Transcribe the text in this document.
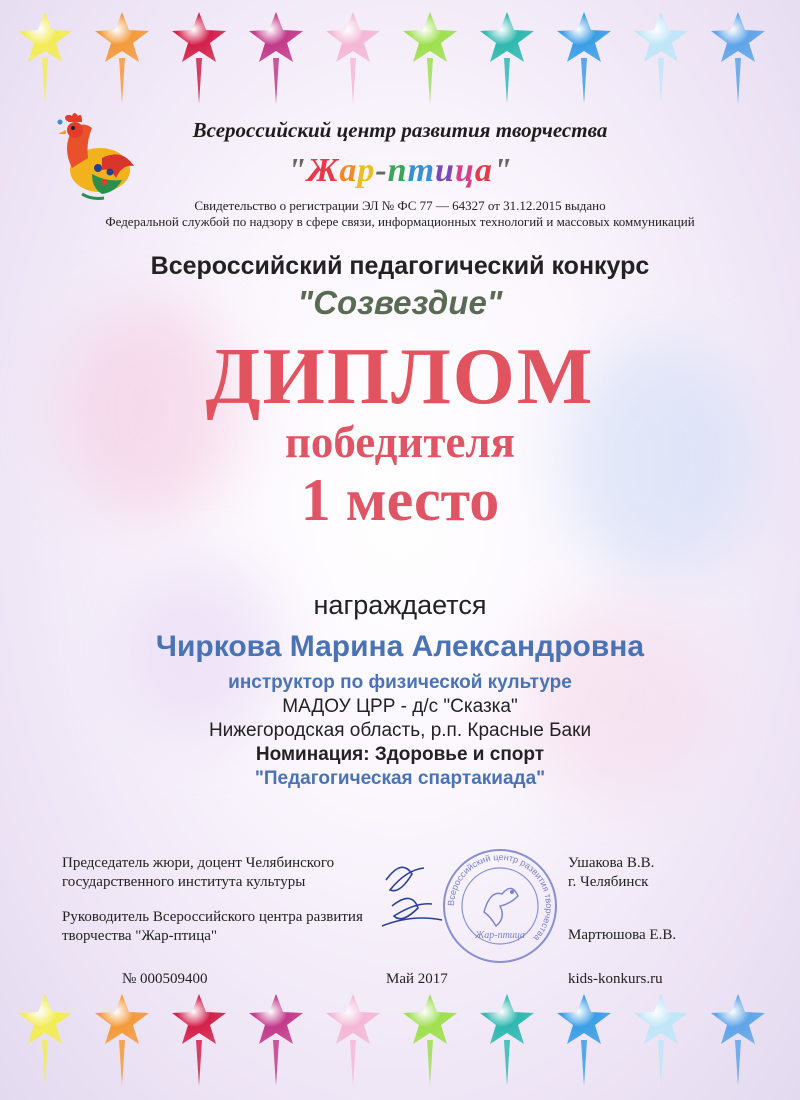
Всероссийский центр развития творчества
"Жар-птица"
Свидетельство о регистрации ЭЛ № ФС 77 — 64327 от 31.12.2015 выдано
Федеральной службой по надзору в сфере связи, информационных технологий и массовых коммуникаций
Всероссийский педагогический конкурс
"Созвездие"
ДИПЛОМ
победителя
1 место
награждается
Чиркова Марина Александровна
инструктор по физической культуре
МАДОУ ЦРР - д/с "Сказка"
Нижегородская область, р.п. Красные Баки
Номинация: Здоровье и спорт
"Педагогическая спартакиада"
Всероссийский центр развития творчества
Жар-птица
Председатель жюри, доцент Челябинского государственного института культуры
Ушакова В.В.
г. Челябинск
Руководитель Всероссийского центра развития творчества "Жар-птица"	Мартюшова Е.В.
№ 000509400	Май 2017	kids-konkurs.ru
